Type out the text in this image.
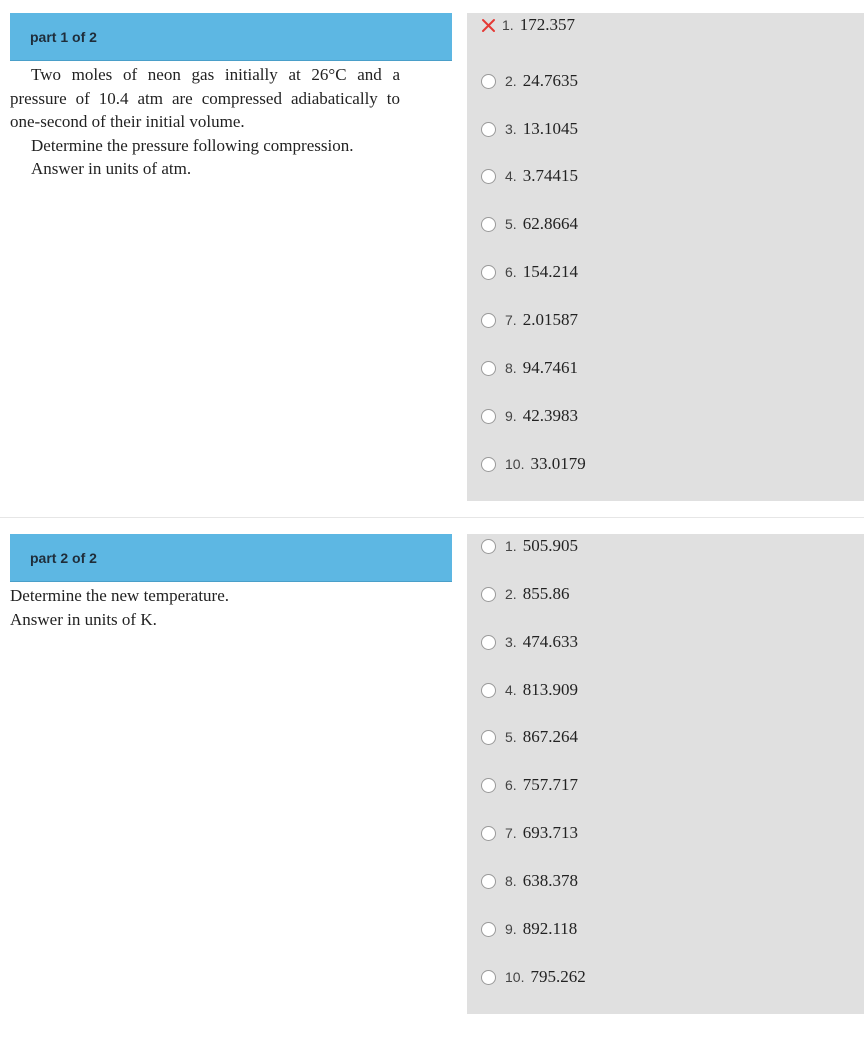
part 1 of 2

Two moles of neon gas initially at 26°C and a pressure of 10.4 atm are compressed adiabatically to one-second of their initial volume.

Determine the pressure following compression.

Answer in units of atm.

1. 172.357
2. 24.7635
3. 13.1045
4. 3.74415
5. 62.8664
6. 154.214
7. 2.01587
8. 94.7461
9. 42.3983
10. 33.0179
part 2 of 2

Determine the new temperature.

Answer in units of K.

1. 505.905
2. 855.86
3. 474.633
4. 813.909
5. 867.264
6. 757.717
7. 693.713
8. 638.378
9. 892.118
10. 795.262
